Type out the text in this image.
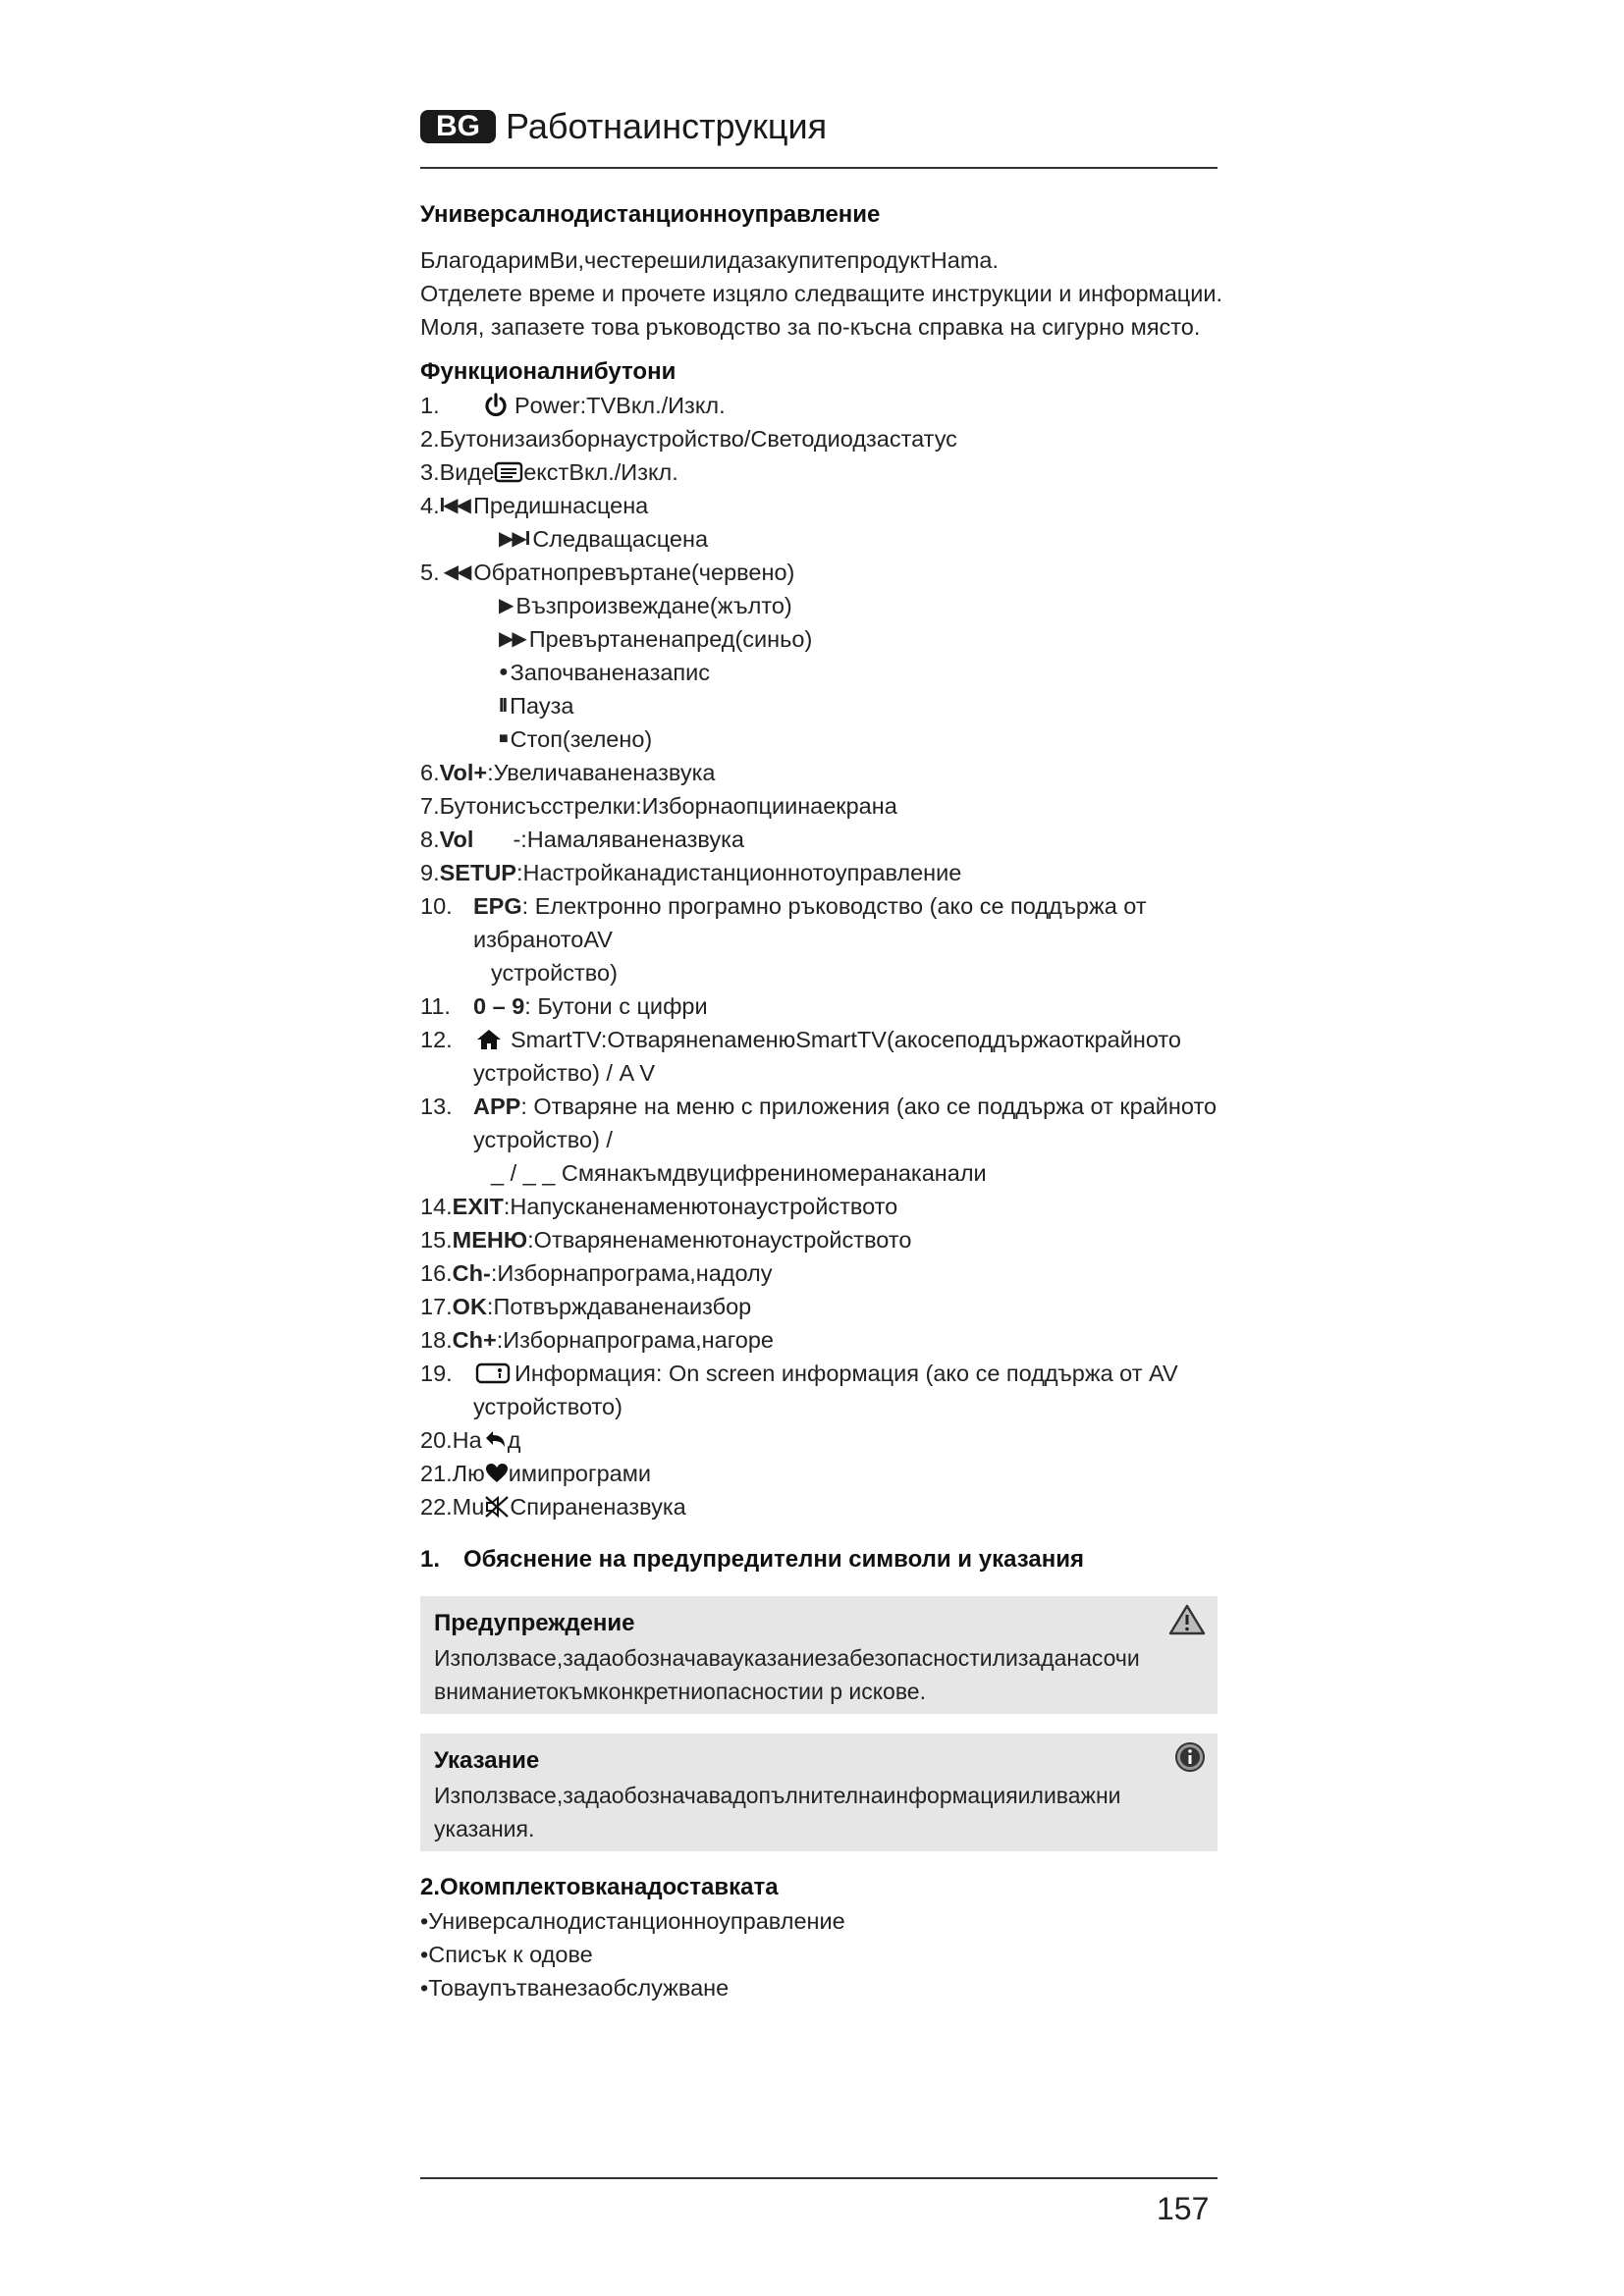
BG Работнаинструкция
Универсалнодистанционноуправление

БлагодаримВи,честерешилидазакупитепродуктHama.

Отделете време и прочете изцяло следващите инструкции и информации.

Моля, запазете това ръководство за по-късна справка на сигурно място.

Функционалнибутони
1.	Power:TVВкл./Изкл.
2.Бутонизаизборнаустройство/Светодиодзастатус
3.Виде екстВкл./Изкл.
4. I◀◀ Предишнасцена
▶▶I Следващасцена
5. ◀◀ Обратнопревъртане(червено)
▶ Възпроизвеждане(жълто)
▶▶ Превъртаненапред(синьо)
● Започваненазапис
II Пауза
■ Стоп(зелено)
6. Vol+ :Увеличаваненазвука
7.Бутонисъсстрелки:Изборнаопциинаекрана
8. Vol -:Намаляваненазвука
9. SETUP :Настройканадистанционнотоуправление
10. EPG : Електронно програмно ръководство (ако се поддържа от
избранотоAV
устройство)
11. 0 – 9 : Бутони с цифри
12.	SmartTV:ОтварянenaменюSmartTV(акосеподдържаоткрайното
устройство) / A V
13. APP : Отваряне на меню с приложения (ако се поддържа от крайното
устройство) /
_ / _ _ Смянакъмдвуцифрениномеранаканали
14. EXIT :Напусканенаменютонаустройството
15. МЕНЮ :Отварянeнаменютонаустройството
16. Ch- :Изборнапрограма,надолу
17. OK :Потвърждаваненаизбор
18. Ch+ :Изборнапрограма,нагоре
19.	Информация: On screen информация (ако се поддържа от AV
устройството)
20.На д
21.Лю имипрограми
22.Mu Спиранeнaзвука
1. Обяснение на предупредителни символи и указания
Предупреждение
Използвасе,задаобозначавауказаниезабезопасностилизаданасочи
вниманиетокъмконкретниопасностии р искове.
Указание
Използвасе,задаобозначавадопълнителнаинформацияиливажни
указания.
2.Окомплектовканадоставката
•Универсалнодистанционноуправление
•Списък к одове
•Товаупътванезаобслужване
157
